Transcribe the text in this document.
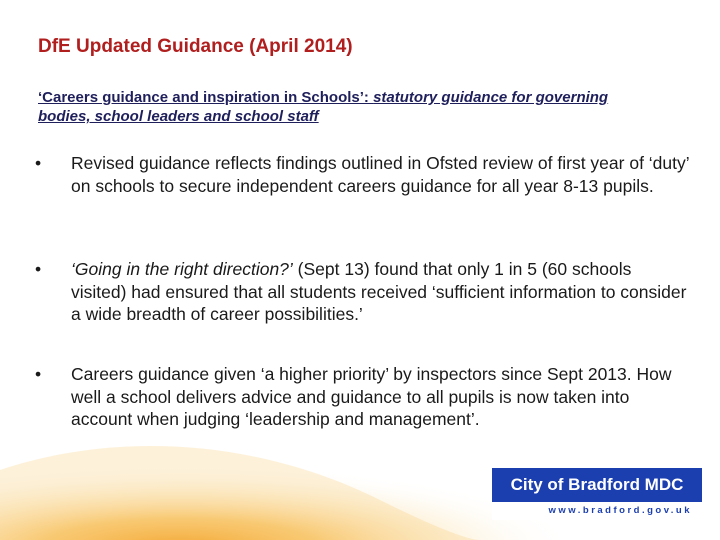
DfE Updated Guidance (April 2014)
‘Careers guidance and inspiration in Schools’: statutory guidance for governing bodies, school leaders and school staff
• Revised guidance reflects findings outlined in Ofsted review of first year of ‘duty’ on schools to secure independent careers guidance for all year 8-13 pupils.
• ‘Going in the right direction?’ (Sept 13) found that only 1 in 5 (60 schools visited) had ensured that all students received ‘sufficient information to consider a wide breadth of career possibilities.’
• Careers guidance given ‘a higher priority’ by inspectors since Sept 2013. How well a school delivers advice and guidance to all pupils is now taken into account when judging ‘leadership and management’.
City of Bradford MDC
www.bradford.gov.uk
